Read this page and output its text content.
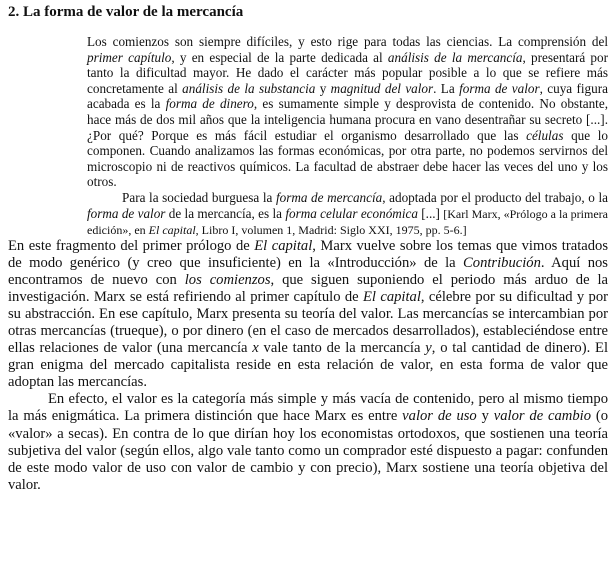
2. La forma de valor de la mercancía

Los comienzos son siempre difíciles, y esto rige para todas las ciencias. La comprensión del primer capítulo, y en especial de la parte dedicada al análisis de la mercancía, presentará por tanto la dificultad mayor. He dado el carácter más popular posible a lo que se refiere más concretamente al análisis de la substancia y magnitud del valor. La forma de valor, cuya figura acabada es la forma de dinero, es sumamente simple y desprovista de contenido. No obstante, hace más de dos mil años que la inteligencia humana procura en vano desentrañar su secreto [...]. ¿Por qué? Porque es más fácil estudiar el organismo desarrollado que las células que lo componen. Cuando analizamos las formas económicas, por otra parte, no podemos servirnos del microscopio ni de reactivos químicos. La facultad de abstraer debe hacer las veces del uno y los otros.

Para la sociedad burguesa la forma de mercancía, adoptada por el producto del trabajo, o la forma de valor de la mercancía, es la forma celular económica [...] [Karl Marx, «Prólogo a la primera edición», en El capital, Libro I, volumen 1, Madrid: Siglo XXI, 1975, pp. 5-6.]

En este fragmento del primer prólogo de El capital, Marx vuelve sobre los temas que vimos tratados de modo genérico (y creo que insuficiente) en la «Introducción» de la Contribución. Aquí nos encontramos de nuevo con los comienzos, que siguen suponiendo el periodo más arduo de la investigación. Marx se está refiriendo al primer capítulo de El capital, célebre por su dificultad y por su abstracción. En ese capítulo, Marx presenta su teoría del valor. Las mercancías se intercambian por otras mercancías (trueque), o por dinero (en el caso de mercados desarrollados), estableciéndose entre ellas relaciones de valor (una mercancía x vale tanto de la mercancía y, o tal cantidad de dinero). El gran enigma del mercado capitalista reside en esta relación de valor, en esta forma de valor que adoptan las mercancías.

En efecto, el valor es la categoría más simple y más vacía de contenido, pero al mismo tiempo la más enigmática. La primera distinción que hace Marx es entre valor de uso y valor de cambio (o «valor» a secas). En contra de lo que dirían hoy los economistas ortodoxos, que sostienen una teoría subjetiva del valor (según ellos, algo vale tanto como un comprador esté dispuesto a pagar: confunden de este modo valor de uso con valor de cambio y con precio), Marx sostiene una teoría objetiva del valor.
